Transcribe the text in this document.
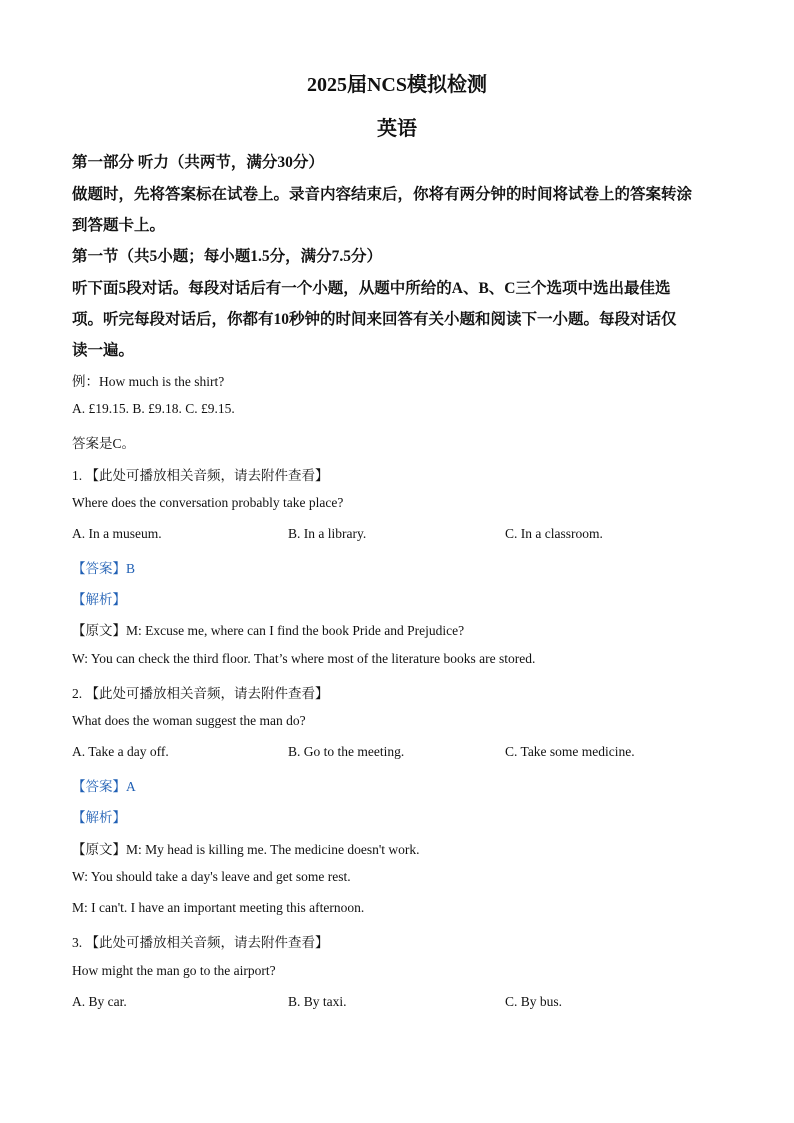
2025届NCS模拟检测
英语
第一部分 听力（共两节，满分30分）
做题时，先将答案标在试卷上。录音内容结束后，你将有两分钟的时间将试卷上的答案转涂
到答题卡上。
第一节（共5小题；每小题1.5分，满分7.5分）
听下面5段对话。每段对话后有一个小题，从题中所给的A、B、C三个选项中选出最佳选
项。听完每段对话后，你都有10秒钟的时间来回答有关小题和阅读下一小题。每段对话仅
读一遍。
例：How much is the shirt?
A. £19.15. B. £9.18. C. £9.15.
答案是C。
1. 【此处可播放相关音频，请去附件查看】
Where does the conversation probably take place?
A. In a museum.	B. In a library.	C. In a classroom.
【答案】B
【解析】
【原文】M: Excuse me, where can I find the book Pride and Prejudice?
W: You can check the third floor. That’s where most of the literature books are stored.
2. 【此处可播放相关音频，请去附件查看】
What does the woman suggest the man do?
A. Take a day off.	B. Go to the meeting.	C. Take some medicine.
【答案】A
【解析】
【原文】M: My head is killing me. The medicine doesn't work.
W: You should take a day's leave and get some rest.
M: I can't. I have an important meeting this afternoon.
3. 【此处可播放相关音频，请去附件查看】
How might the man go to the airport?
A. By car.	B. By taxi.	C. By bus.
